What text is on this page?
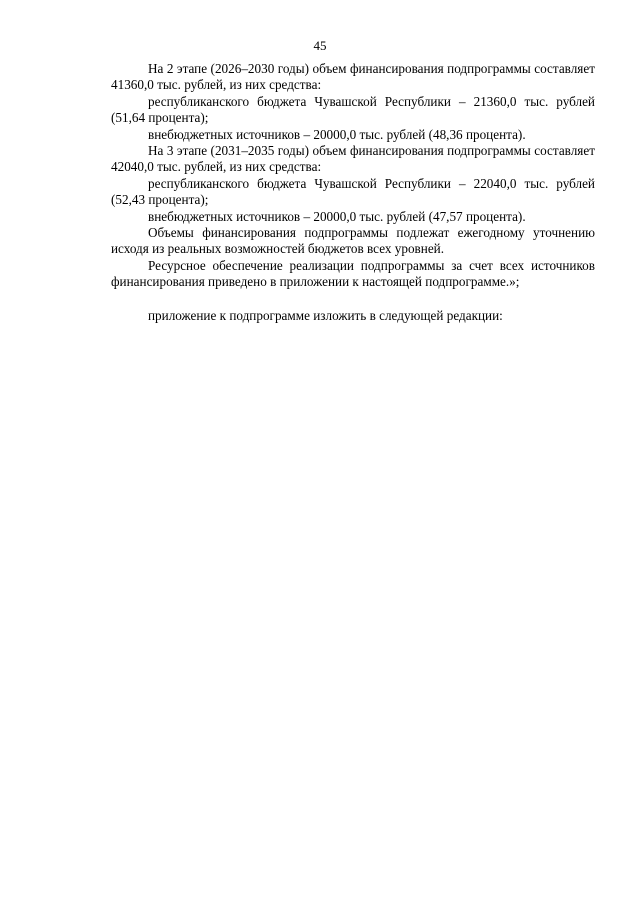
45

На 2 этапе (2026–2030 годы) объем финансирования подпрограммы составляет 41360,0 тыс. рублей, из них средства:

республиканского бюджета Чувашской Республики – 21360,0 тыс. рублей (51,64 процента);

внебюджетных источников – 20000,0 тыс. рублей (48,36 процента).

На 3 этапе (2031–2035 годы) объем финансирования подпрограммы составляет 42040,0 тыс. рублей, из них средства:

республиканского бюджета Чувашской Республики – 22040,0 тыс. рублей (52,43 процента);

внебюджетных источников – 20000,0 тыс. рублей (47,57 процента).

Объемы финансирования подпрограммы подлежат ежегодному уточнению исходя из реальных возможностей бюджетов всех уровней.

Ресурсное обеспечение реализации подпрограммы за счет всех источников финансирования приведено в приложении к настоящей подпрограмме.»;

приложение к подпрограмме изложить в следующей редакции:
